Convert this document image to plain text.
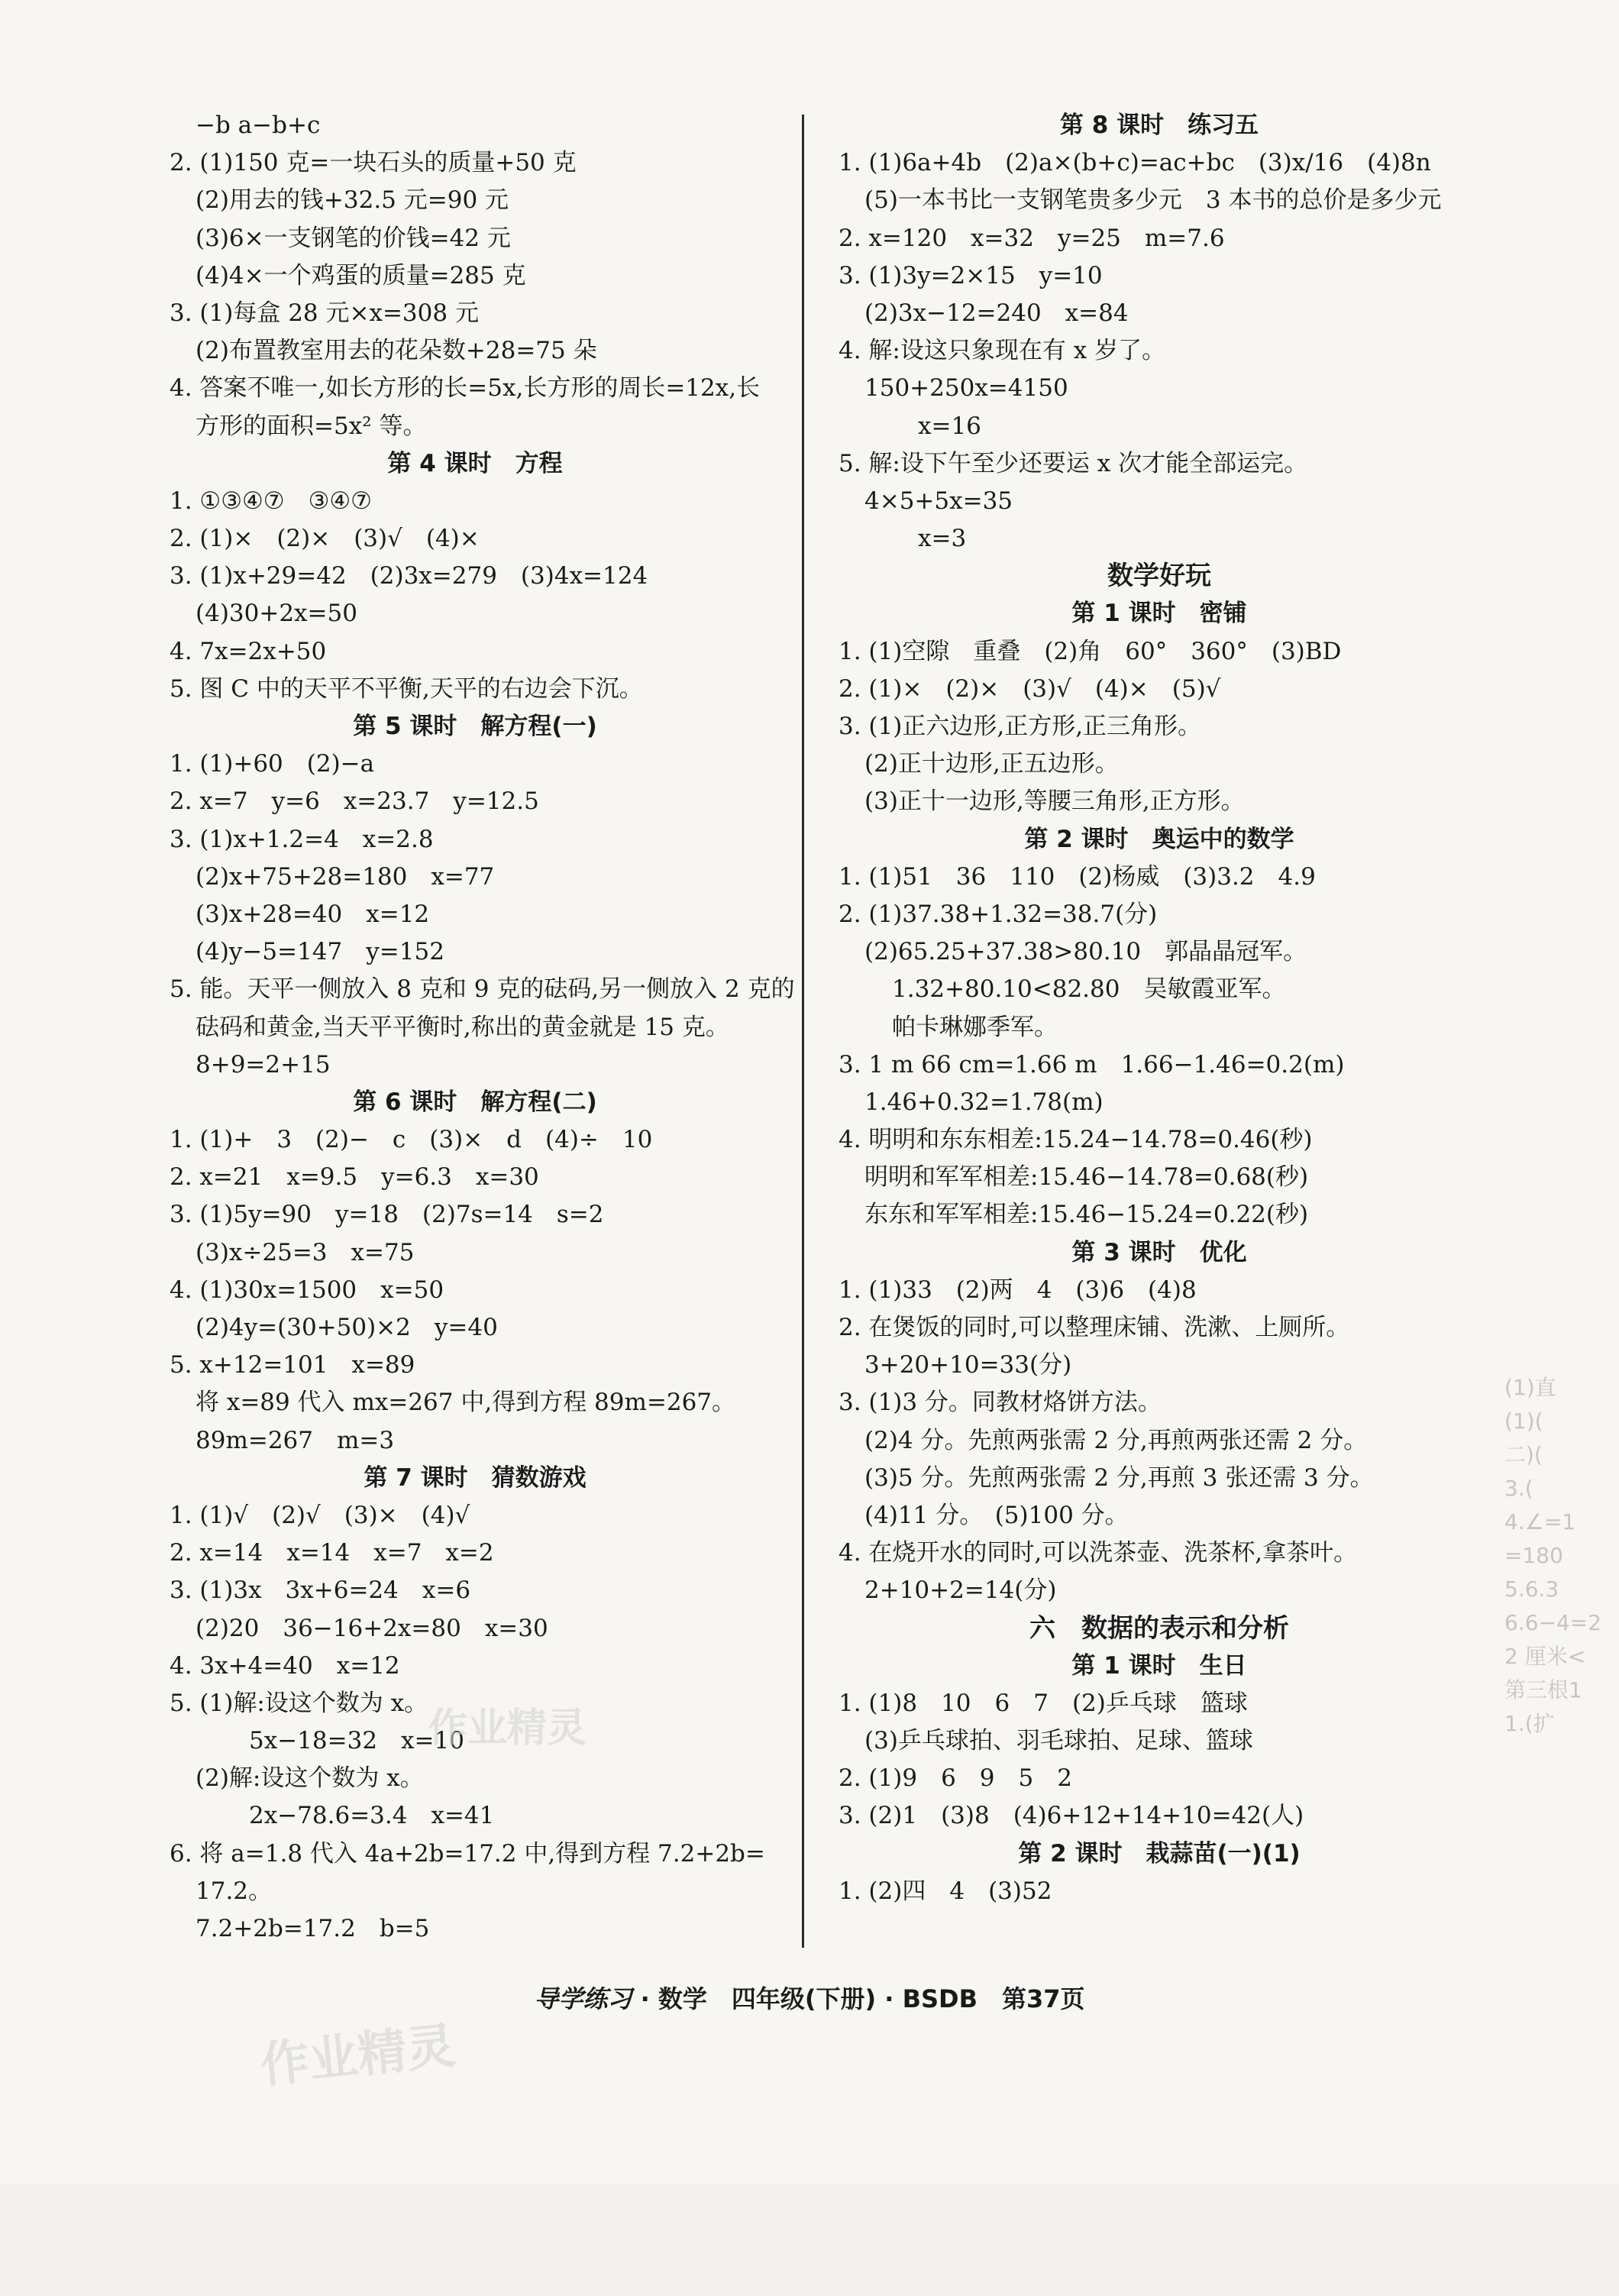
−b a−b+c
2. (1)150 克=一块石头的质量+50 克
(2)用去的钱+32.5 元=90 元
(3)6×一支钢笔的价钱=42 元
(4)4×一个鸡蛋的质量=285 克
3. (1)每盒 28 元×x=308 元
(2)布置教室用去的花朵数+28=75 朵
4. 答案不唯一,如长方形的长=5x,长方形的周长=12x,长
方形的面积=5x² 等。
第 4 课时　方程
1. ①③④⑦　③④⑦
2. (1)×　(2)×　(3)√　(4)×
3. (1)x+29=42　(2)3x=279　(3)4x=124
(4)30+2x=50
4. 7x=2x+50
5. 图 C 中的天平不平衡,天平的右边会下沉。
第 5 课时　解方程(一)
1. (1)+60　(2)−a
2. x=7　y=6　x=23.7　y=12.5
3. (1)x+1.2=4　x=2.8
(2)x+75+28=180　x=77
(3)x+28=40　x=12
(4)y−5=147　y=152
5. 能。天平一侧放入 8 克和 9 克的砝码,另一侧放入 2 克的
砝码和黄金,当天平平衡时,称出的黄金就是 15 克。
8+9=2+15
第 6 课时　解方程(二)
1. (1)+　3　(2)−　c　(3)×　d　(4)÷　10
2. x=21　x=9.5　y=6.3　x=30
3. (1)5y=90　y=18　(2)7s=14　s=2
(3)x÷25=3　x=75
4. (1)30x=1500　x=50
(2)4y=(30+50)×2　y=40
5. x+12=101　x=89
将 x=89 代入 mx=267 中,得到方程 89m=267。
89m=267　m=3
第 7 课时　猜数游戏
1. (1)√　(2)√　(3)×　(4)√
2. x=14　x=14　x=7　x=2
3. (1)3x　3x+6=24　x=6
(2)20　36−16+2x=80　x=30
4. 3x+4=40　x=12
5. (1)解:设这个数为 x。
5x−18=32　x=10
(2)解:设这个数为 x。
2x−78.6=3.4　x=41
6. 将 a=1.8 代入 4a+2b=17.2 中,得到方程 7.2+2b=
17.2。
7.2+2b=17.2　b=5
第 8 课时　练习五
1. (1)6a+4b　(2)a×(b+c)=ac+bc　(3)x/16　(4)8n
(5)一本书比一支钢笔贵多少元　3 本书的总价是多少元
2. x=120　x=32　y=25　m=7.6
3. (1)3y=2×15　y=10
(2)3x−12=240　x=84
4. 解:设这只象现在有 x 岁了。
150+250x=4150
x=16
5. 解:设下午至少还要运 x 次才能全部运完。
4×5+5x=35
x=3
数学好玩
第 1 课时　密铺
1. (1)空隙　重叠　(2)角　60°　360°　(3)BD
2. (1)×　(2)×　(3)√　(4)×　(5)√
3. (1)正六边形,正方形,正三角形。
(2)正十边形,正五边形。
(3)正十一边形,等腰三角形,正方形。
第 2 课时　奥运中的数学
1. (1)51　36　110　(2)杨威　(3)3.2　4.9
2. (1)37.38+1.32=38.7(分)
(2)65.25+37.38>80.10　郭晶晶冠军。
1.32+80.10<82.80　吴敏霞亚军。
帕卡琳娜季军。
3. 1 m 66 cm=1.66 m　1.66−1.46=0.2(m)
1.46+0.32=1.78(m)
4. 明明和东东相差:15.24−14.78=0.46(秒)
明明和军军相差:15.46−14.78=0.68(秒)
东东和军军相差:15.46−15.24=0.22(秒)
第 3 课时　优化
1. (1)33　(2)两　4　(3)6　(4)8
2. 在煲饭的同时,可以整理床铺、洗漱、上厕所。
3+20+10=33(分)
3. (1)3 分。同教材烙饼方法。
(2)4 分。先煎两张需 2 分,再煎两张还需 2 分。
(3)5 分。先煎两张需 2 分,再煎 3 张还需 3 分。
(4)11 分。　(5)100 分。
4. 在烧开水的同时,可以洗茶壶、洗茶杯,拿茶叶。
2+10+2=14(分)
六　数据的表示和分析
第 1 课时　生日
1. (1)8　10　6　7　(2)乒乓球　篮球
(3)乒乓球拍、羽毛球拍、足球、篮球
2. (1)9　6　9　5　2
3. (2)1　(3)8　(4)6+12+14+10=42(人)
第 2 课时　栽蒜苗(一)(1)
1. (2)四　4　(3)52
(1)直
(1)(
二)(
3.(
4.∠=1
=180
5.6.3
6.6−4=2
2 厘米<
第三根1
1.(扩
作业精灵
作业精灵
导学练习 · 数学　四年级(下册) · BSDB　第37页
